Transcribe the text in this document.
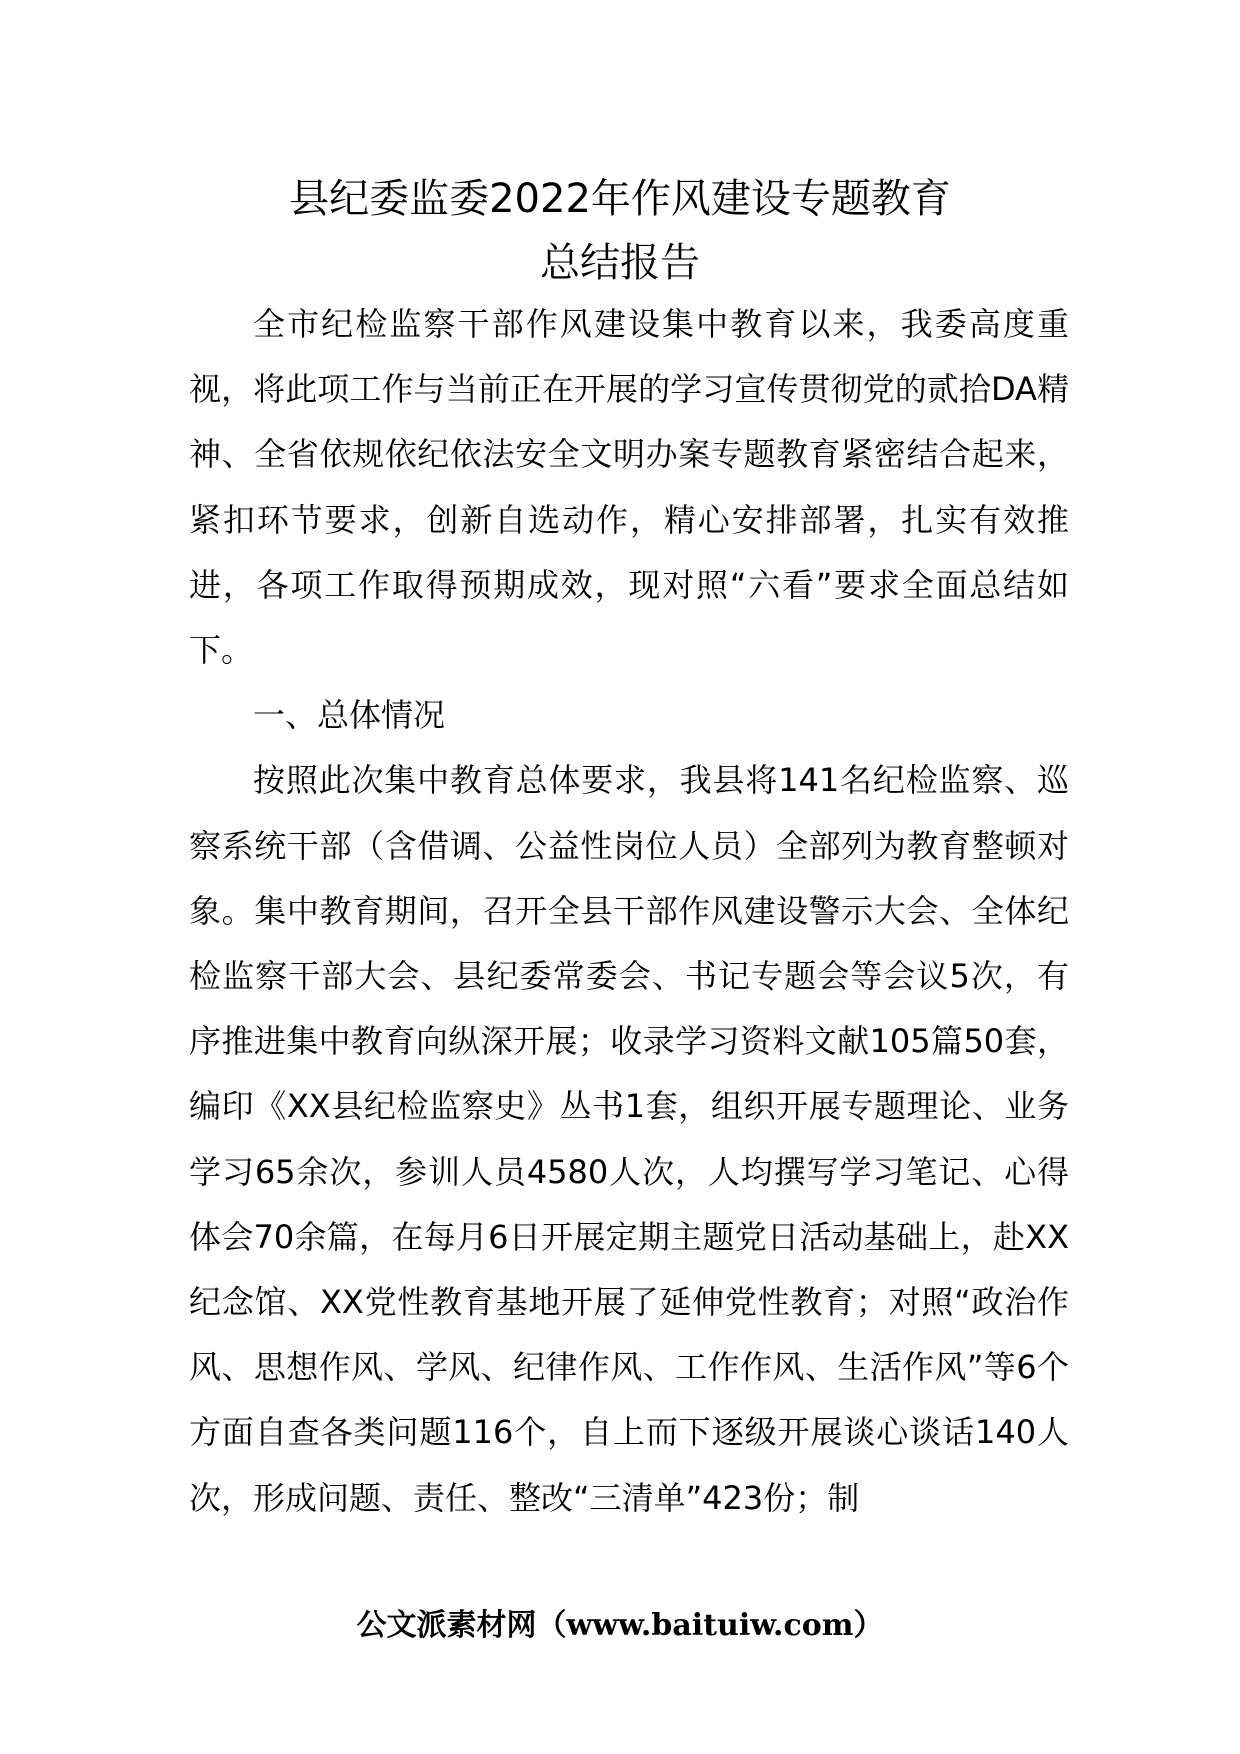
县纪委监委2022年作风建设专题教育
总结报告

全市纪检监察干部作风建设集中教育以来，我委高度重视，将此项工作与当前正在开展的学习宣传贯彻党的贰拾DA精神、全省依规依纪依法安全文明办案专题教育紧密结合起来，紧扣环节要求，创新自选动作，精心安排部署，扎实有效推进，各项工作取得预期成效，现对照“六看”要求全面总结如下。

一、总体情况

按照此次集中教育总体要求，我县将141名纪检监察、巡察系统干部（含借调、公益性岗位人员）全部列为教育整顿对象。集中教育期间，召开全县干部作风建设警示大会、全体纪检监察干部大会、县纪委常委会、书记专题会等会议5次，有序推进集中教育向纵深开展；收录学习资料文献105篇50套，编印《XX县纪检监察史》丛书1套，组织开展专题理论、业务学习65余次，参训人员4580人次，人均撰写学习笔记、心得体会70余篇，在每月6日开展定期主题党日活动基础上，赴XX纪念馆、XX党性教育基地开展了延伸党性教育；对照“政治作风、思想作风、学风、纪律作风、工作作风、生活作风”等6个方面自查各类问题116个，自上而下逐级开展谈心谈话140人次，形成问题、责任、整改“三清单”423份；制

公文派素材网（www.baituiw.com）
